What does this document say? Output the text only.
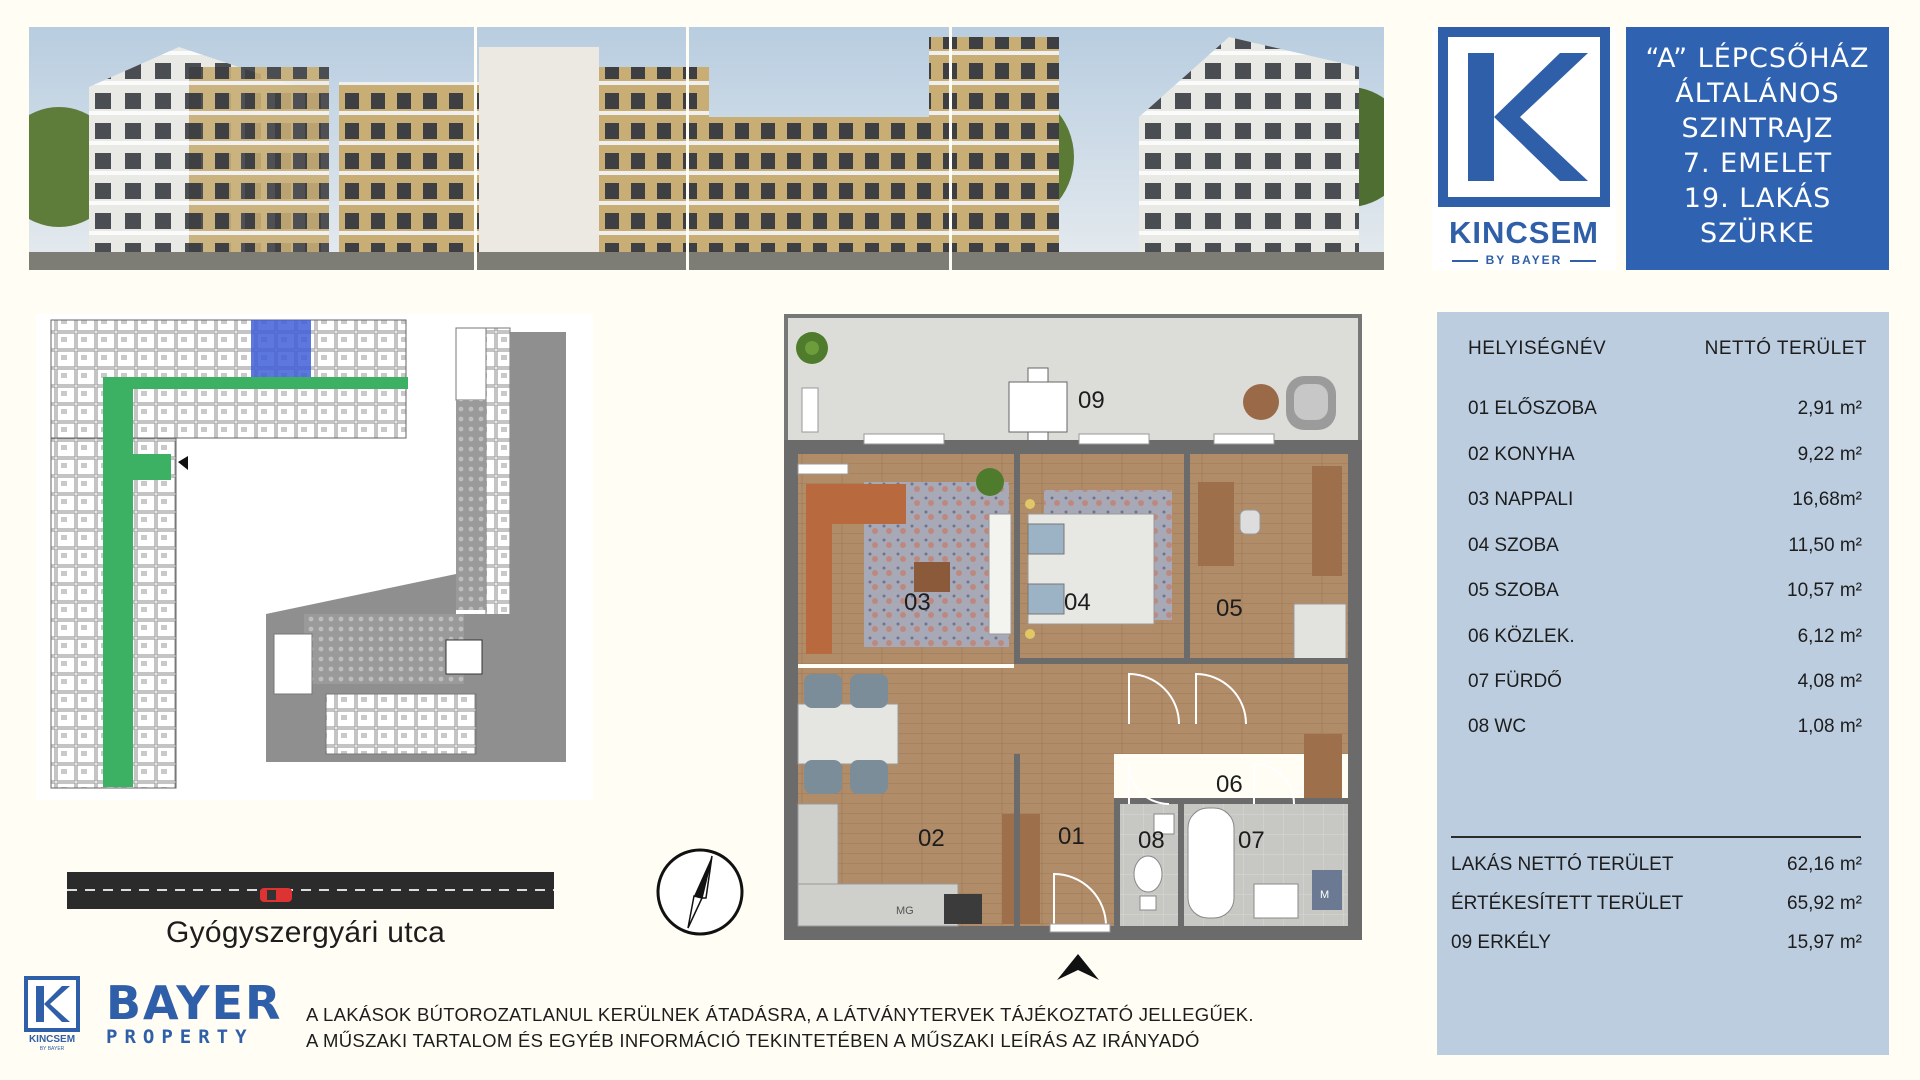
KINCSEM
BY BAYER
“A” LÉPCSŐHÁZ
ÁLTALÁNOS
SZINTRAJZ
7. EMELET
19. LAKÁS
SZÜRKE
HELYISÉGNÉV	NETTÓ TERÜLET
01 ELŐSZOBA	2,91 m²
02 KONYHA	9,22 m²
03 NAPPALI	16,68m²
04 SZOBA	11,50 m²
05 SZOBA	10,57 m²
06 KÖZLEK.	6,12 m²
07 FÜRDŐ	4,08 m²
08 WC	1,08 m²
LAKÁS NETTÓ TERÜLET	62,16 m²
ÉRTÉKESÍTETT TERÜLET	65,92 m²
09 ERKÉLY	15,97 m²
Gyógyszergyári utca
MG
M
03	04	05
06
02	01 08	07
09
KINCSEM
BY BAYER
BAYER
PROPERTY
A LAKÁSOK BÚTOROZATLANUL KERÜLNEK ÁTADÁSRA, A LÁTVÁNYTERVEK TÁJÉKOZTATÓ JELLEGŰEK.
A MŰSZAKI TARTALOM ÉS EGYÉB INFORMÁCIÓ TEKINTETÉBEN A MŰSZAKI LEÍRÁS AZ IRÁNYADÓ
